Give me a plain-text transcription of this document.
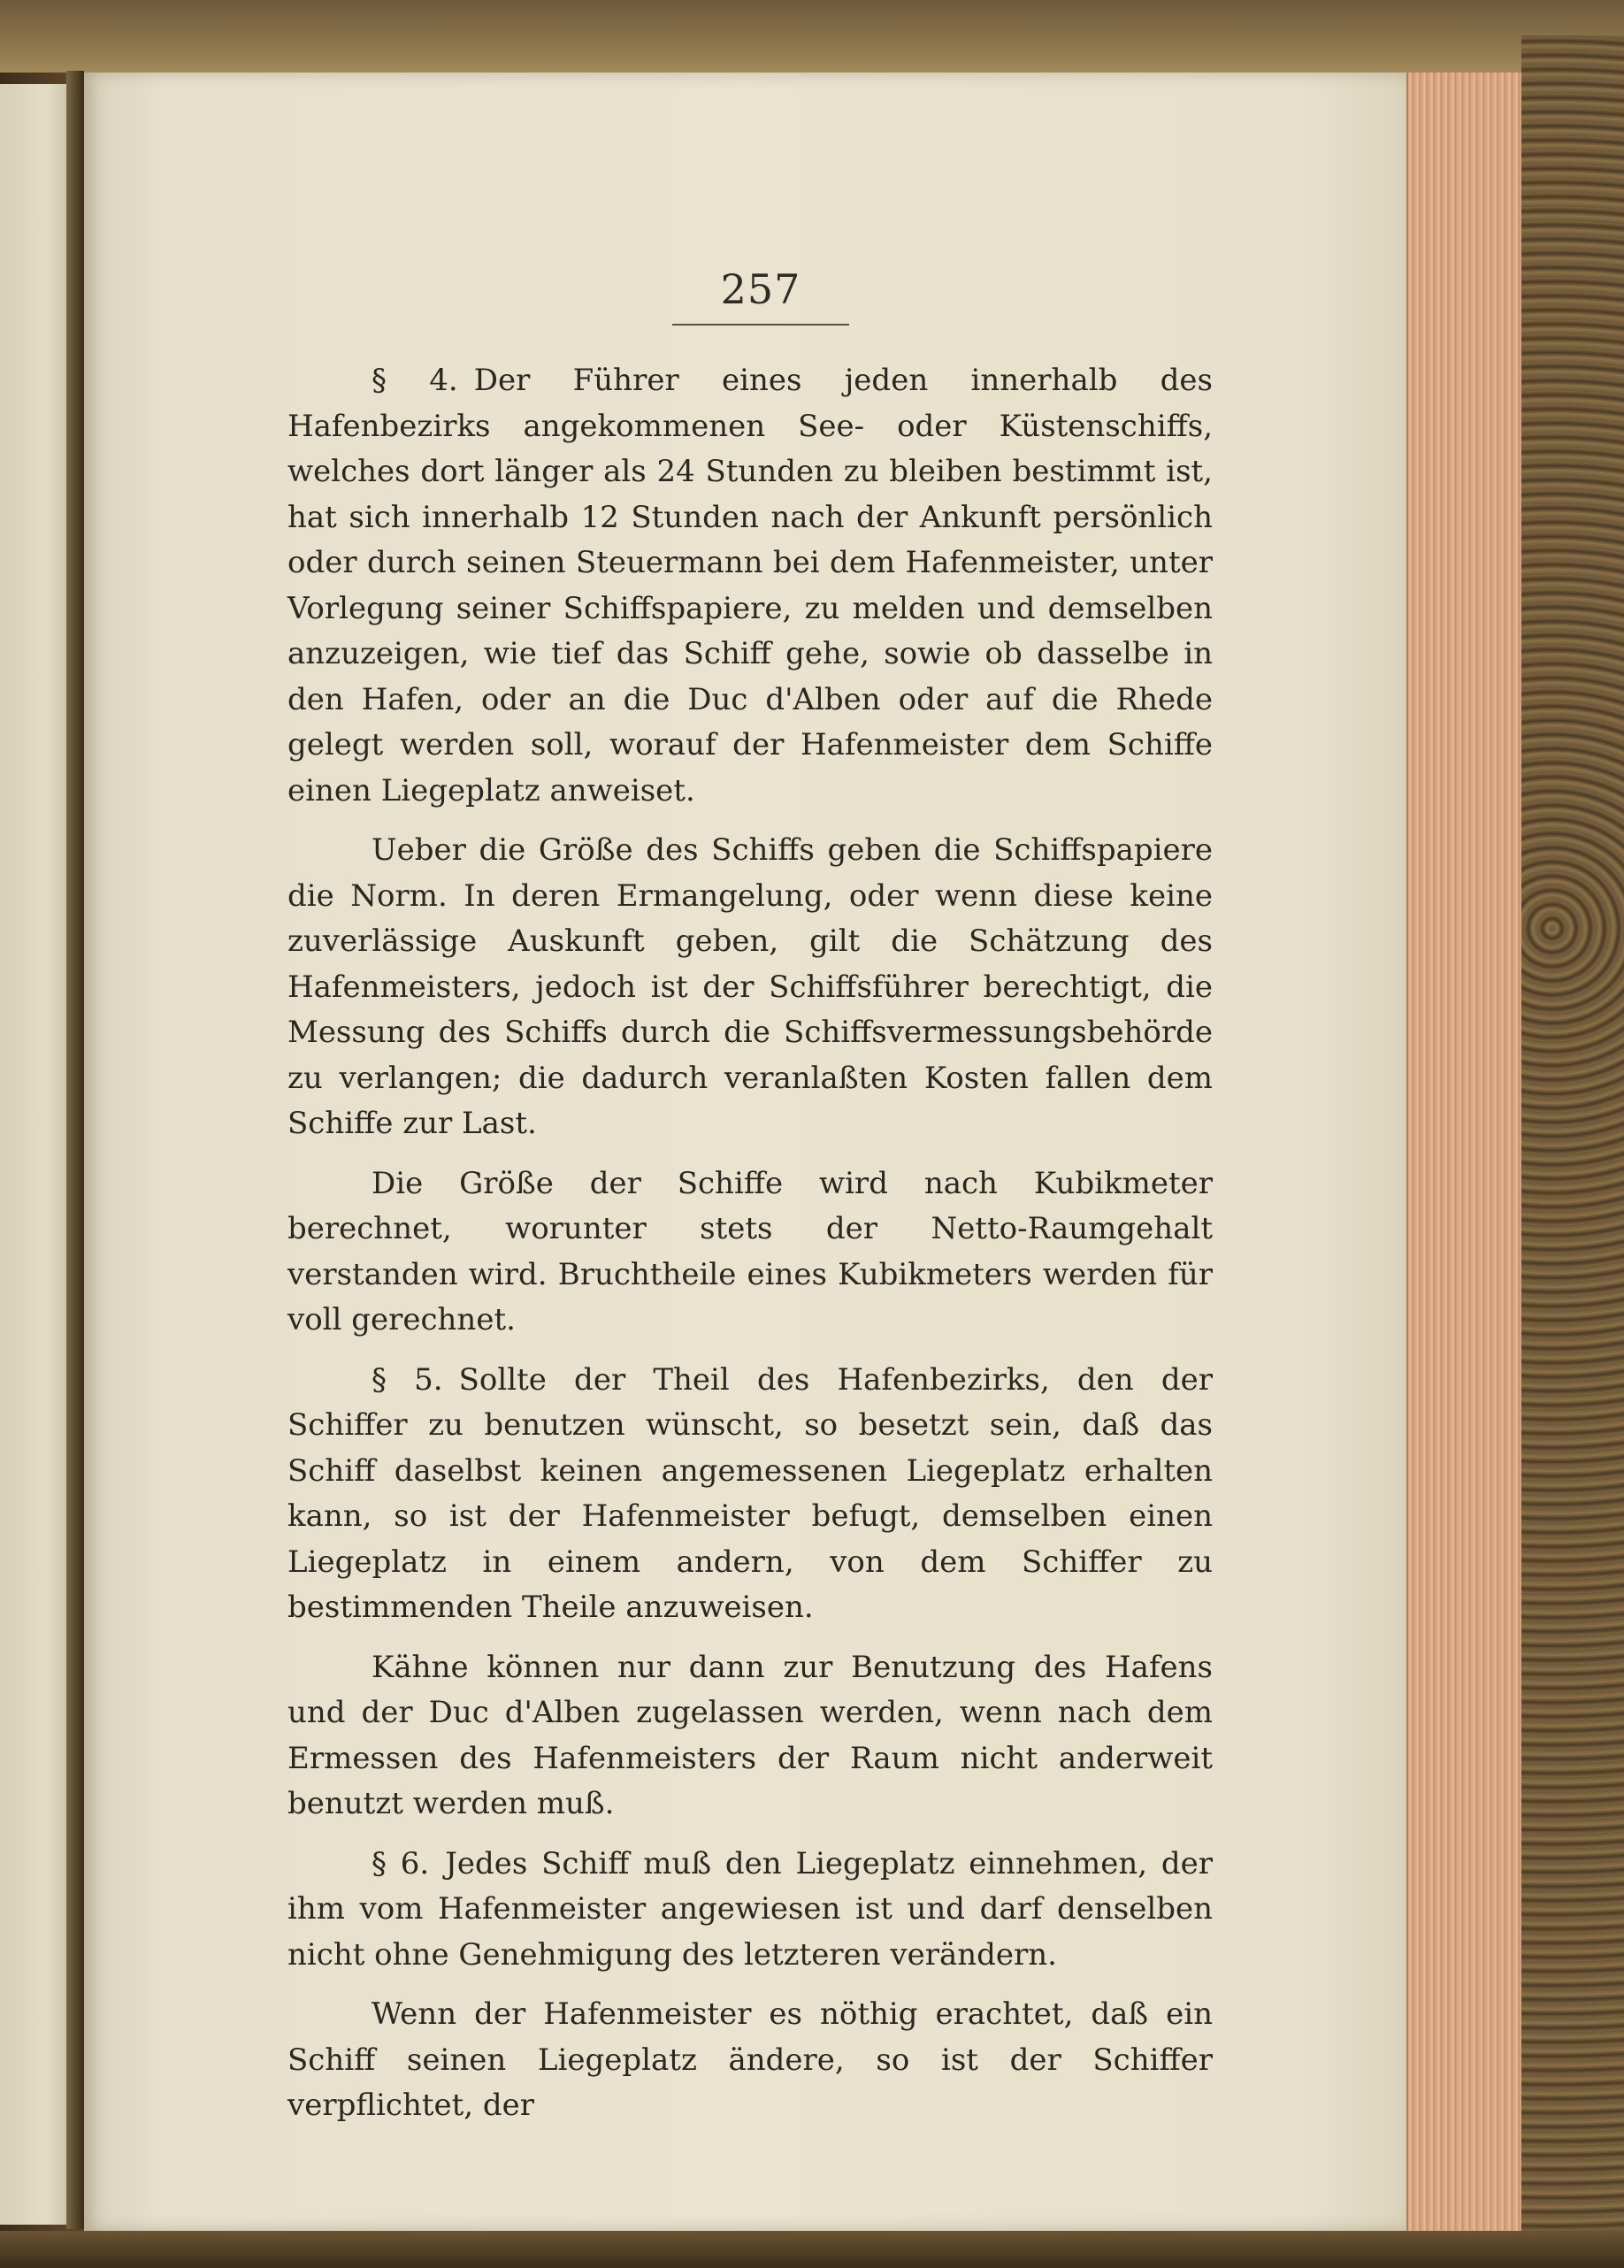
257

§ 4. Der Führer eines jeden innerhalb des Hafenbezirks angekommenen See- oder Küstenschiffs, welches dort länger als 24 Stunden zu bleiben bestimmt ist, hat sich innerhalb 12 Stunden nach der Ankunft persönlich oder durch seinen Steuermann bei dem Hafenmeister, unter Vorlegung seiner Schiffspapiere, zu melden und demselben anzuzeigen, wie tief das Schiff gehe, sowie ob dasselbe in den Hafen, oder an die Duc d'Alben oder auf die Rhede gelegt werden soll, worauf der Hafenmeister dem Schiffe einen Liegeplatz anweiset.

Ueber die Größe des Schiffs geben die Schiffspapiere die Norm. In deren Ermangelung, oder wenn diese keine zuverlässige Auskunft geben, gilt die Schätzung des Hafenmeisters, jedoch ist der Schiffsführer berechtigt, die Messung des Schiffs durch die Schiffsvermessungsbehörde zu verlangen; die dadurch veranlaßten Kosten fallen dem Schiffe zur Last.

Die Größe der Schiffe wird nach Kubikmeter berechnet, worunter stets der Netto-Raumgehalt verstanden wird. Bruchtheile eines Kubikmeters werden für voll gerechnet.

§ 5. Sollte der Theil des Hafenbezirks, den der Schiffer zu benutzen wünscht, so besetzt sein, daß das Schiff daselbst keinen angemessenen Liegeplatz erhalten kann, so ist der Hafenmeister befugt, demselben einen Liegeplatz in einem andern, von dem Schiffer zu bestimmenden Theile anzuweisen.

Kähne können nur dann zur Benutzung des Hafens und der Duc d'Alben zugelassen werden, wenn nach dem Ermessen des Hafenmeisters der Raum nicht anderweit benutzt werden muß.

§ 6. Jedes Schiff muß den Liegeplatz einnehmen, der ihm vom Hafenmeister angewiesen ist und darf denselben nicht ohne Genehmigung des letzteren verändern.

Wenn der Hafenmeister es nöthig erachtet, daß ein Schiff seinen Liegeplatz ändere, so ist der Schiffer verpflichtet, der
